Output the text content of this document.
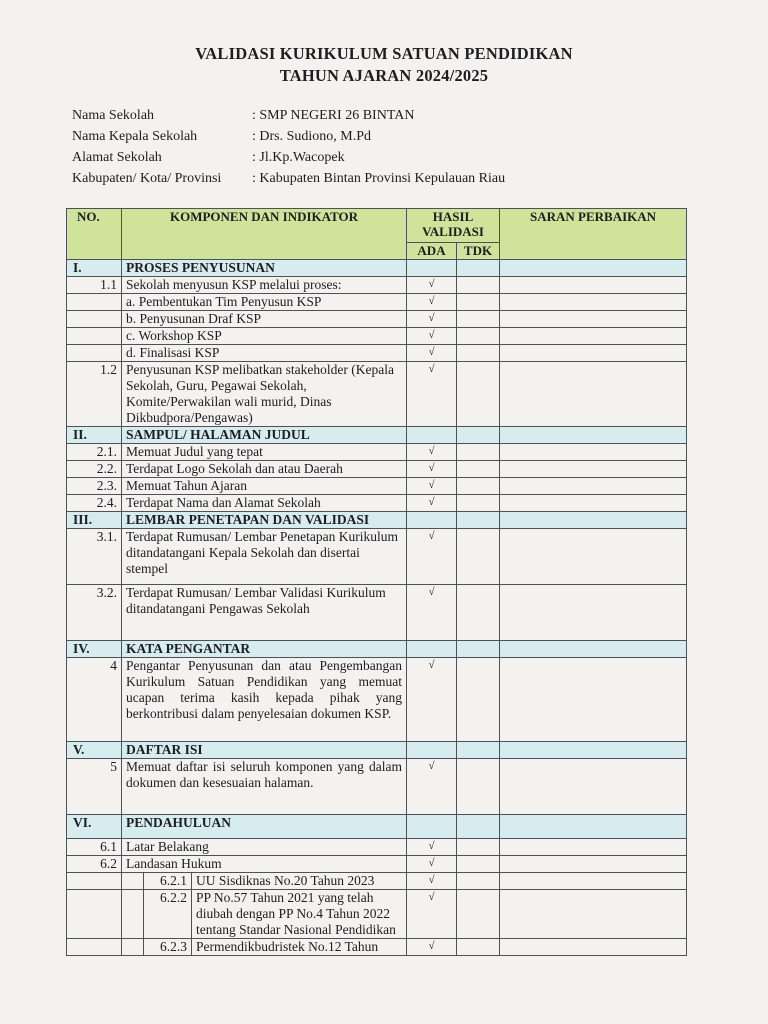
VALIDASI KURIKULUM SATUAN PENDIDIKAN
TAHUN AJARAN 2024/2025
Nama Sekolah	: SMP NEGERI 26 BINTAN
Nama Kepala Sekolah	: Drs. Sudiono, M.Pd
Alamat Sekolah	: Jl.Kp.Wacopek
Kabupaten/ Kota/ Provinsi : Kabupaten Bintan Provinsi Kepulauan Riau
NO.	KOMPONEN DAN INDIKATOR			HASIL VALIDASI		SARAN PERBAIKAN
				ADA	TDK	
I.	PROSES PENYUSUNAN					
1.1	Sekolah menyusun KSP melalui proses:			√		
	a. Pembentukan Tim Penyusun KSP			√		
	b. Penyusunan Draf KSP			√		
	c. Workshop KSP			√		
	d. Finalisasi KSP			√		
1.2	Penyusunan KSP melibatkan stakeholder (Kepala Sekolah, Guru, Pegawai Sekolah, Komite/Perwakilan wali murid, Dinas Dikbudpora/Pengawas)			√		
II.	SAMPUL/ HALAMAN JUDUL					
2.1.	Memuat Judul yang tepat			√		
2.2.	Terdapat Logo Sekolah dan atau Daerah			√		
2.3.	Memuat Tahun Ajaran			√		
2.4.	Terdapat Nama dan Alamat Sekolah			√		
III.	LEMBAR PENETAPAN DAN VALIDASI					
3.1.	Terdapat Rumusan/ Lembar Penetapan Kurikulum ditandatangani Kepala Sekolah dan disertai stempel			√		
3.2.	Terdapat Rumusan/ Lembar Validasi Kurikulum ditandatangani Pengawas Sekolah			√		
IV.	KATA PENGANTAR					
4	Pengantar Penyusunan dan atau Pengembangan Kurikulum Satuan Pendidikan yang memuat ucapan terima kasih kepada pihak yang berkontribusi dalam penyelesaian dokumen KSP.			√		
V.	DAFTAR ISI					
5	Memuat daftar isi seluruh komponen yang dalam dokumen dan kesesuaian halaman.			√		
VI.	PENDAHULUAN					
6.1	Latar Belakang			√		
6.2	Landasan Hukum			√		
		6.2.1	UU Sisdiknas No.20 Tahun 2023	√		
		6.2.2	PP No.57 Tahun 2021 yang telah diubah dengan PP No.4 Tahun 2022 tentang Standar Nasional Pendidikan	√		
		6.2.3	Permendikbudristek No.12 Tahun	√		
